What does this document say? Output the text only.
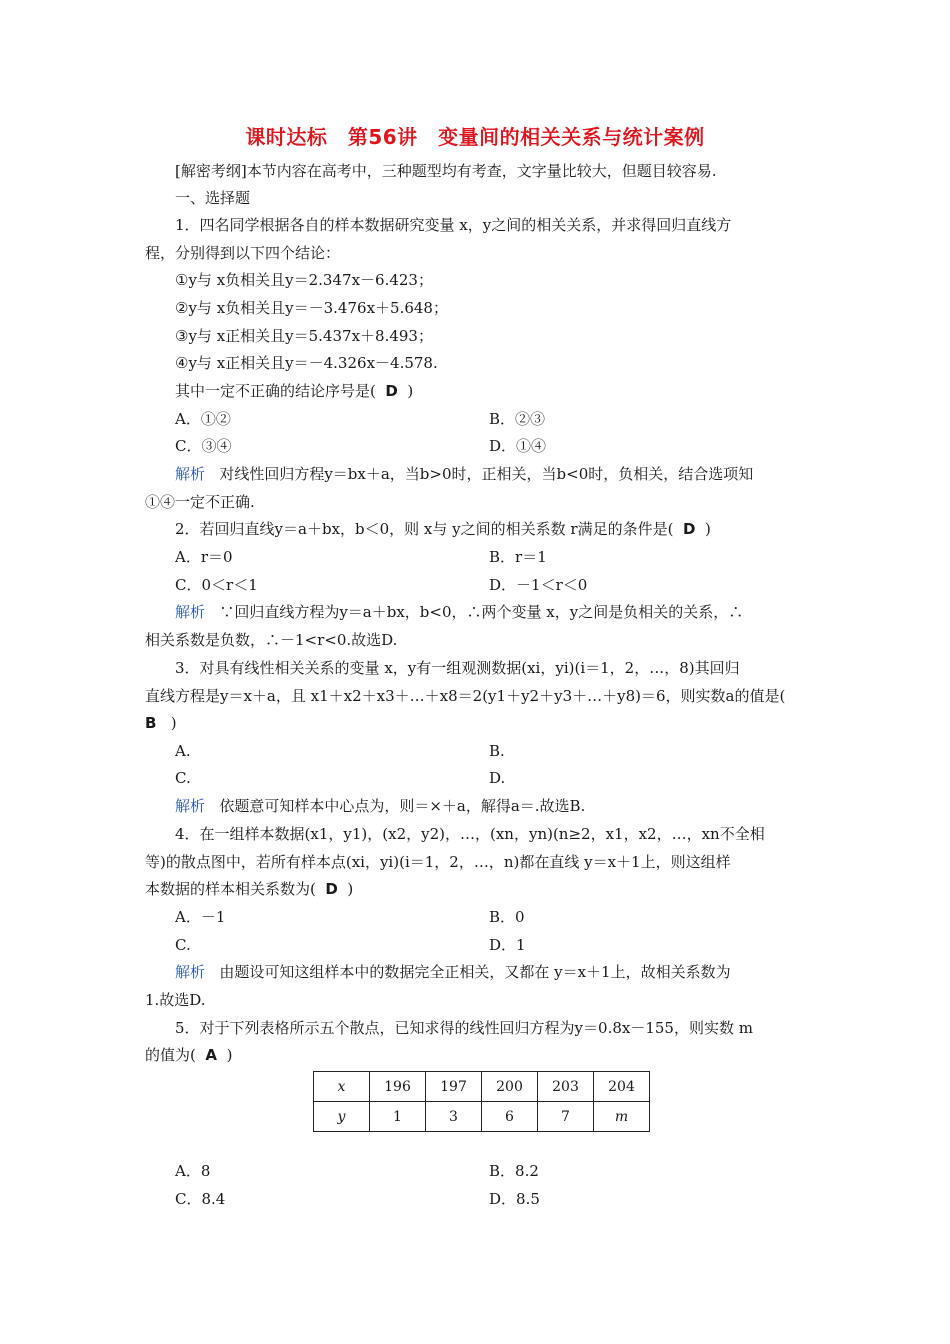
课时达标　第56讲　变量间的相关关系与统计案例
[解密考纲]本节内容在高考中，三种题型均有考查，文字量比较大，但题目较容易.
一、选择题
1．四名同学根据各自的样本数据研究变量 x，y之间的相关关系，并求得回归直线方
程，分别得到以下四个结论：
①y与 x负相关且y＝2.347x－6.423；
②y与 x负相关且y＝－3.476x＋5.648；
③y与 x正相关且y＝5.437x＋8.493；
④y与 x正相关且y＝－4.326x－4.578.
其中一定不正确的结论序号是( D )
A．①②	B．②③
C．③④	D．①④
解析 对线性回归方程y＝bx＋a，当b>0时，正相关，当b<0时，负相关，结合选项知
①④一定不正确.
2．若回归直线y＝a＋bx，b＜0，则 x与 y之间的相关系数 r满足的条件是( D )
A．r＝0	B．r＝1
C．0＜r＜1	D．－1＜r＜0
解析 ∵回归直线方程为y＝a＋bx，b<0，∴两个变量 x，y之间是负相关的关系，∴
相关系数是负数，∴－1<r<0.故选D.
3．对具有线性相关关系的变量 x，y有一组观测数据(xi，yi)(i＝1，2，…，8)其回归
直线方程是y＝x＋a，且 x1＋x2＋x3＋…＋x8＝2(y1＋y2＋y3＋…＋y8)＝6，则实数a的值是(
B )
A.	B.
C.	D.
解析 依题意可知样本中心点为，则＝×＋a，解得a＝.故选B.
4．在一组样本数据(x1，y1)，(x2，y2)，…，(xn，yn)(n≥2，x1，x2，…，xn不全相
等)的散点图中，若所有样本点(xi，yi)(i＝1，2，…，n)都在直线 y＝x＋1上，则这组样
本数据的样本相关系数为( D )
A．－1	B．0
C.	D．1
解析 由题设可知这组样本中的数据完全正相关，又都在 y＝x＋1上，故相关系数为
1.故选D.
5．对于下列表格所示五个散点，已知求得的线性回归方程为y＝0.8x－155，则实数 m
的值为( A )
x	196	197	200	203	204
y	1	3	6	7	m
A．8	B．8.2
C．8.4	D．8.5
